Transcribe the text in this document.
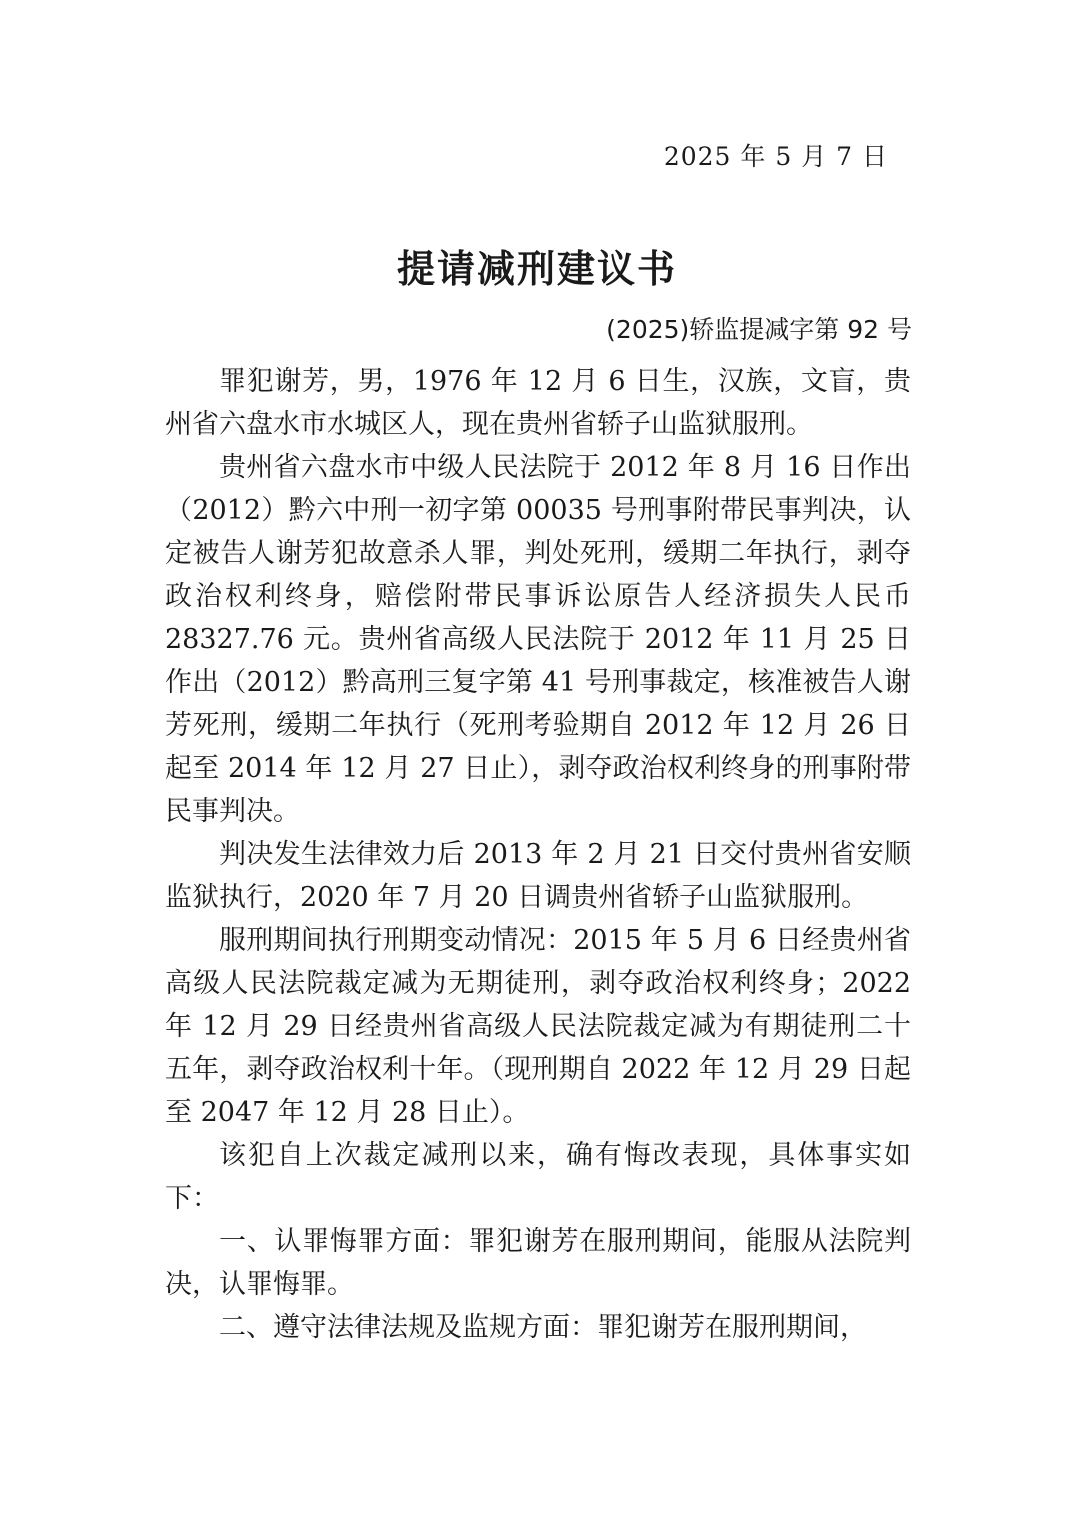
2025 年 5 月 7 日
提请减刑建议书
(2025)轿监提减字第 92 号

罪犯谢芳，男，1976 年 12 月 6 日生，汉族，文盲，贵州省六盘水市水城区人，现在贵州省轿子山监狱服刑。

贵州省六盘水市中级人民法院于 2012 年 8 月 16 日作出（2012）黔六中刑一初字第 00035 号刑事附带民事判决，认定被告人谢芳犯故意杀人罪，判处死刑，缓期二年执行，剥夺政治权利终身，赔偿附带民事诉讼原告人经济损失人民币 28327.76 元。贵州省高级人民法院于 2012 年 11 月 25 日作出（2012）黔高刑三复字第 41 号刑事裁定，核准被告人谢芳死刑，缓期二年执行（死刑考验期自 2012 年 12 月 26 日起至 2014 年 12 月 27 日止），剥夺政治权利终身的刑事附带民事判决。

判决发生法律效力后 2013 年 2 月 21 日交付贵州省安顺监狱执行，2020 年 7 月 20 日调贵州省轿子山监狱服刑。

服刑期间执行刑期变动情况：2015 年 5 月 6 日经贵州省高级人民法院裁定减为无期徒刑，剥夺政治权利终身；2022 年 12 月 29 日经贵州省高级人民法院裁定减为有期徒刑二十五年，剥夺政治权利十年。（现刑期自 2022 年 12 月 29 日起至 2047 年 12 月 28 日止）。

该犯自上次裁定减刑以来，确有悔改表现，具体事实如下：

一、认罪悔罪方面：罪犯谢芳在服刑期间，能服从法院判决，认罪悔罪。

二、遵守法律法规及监规方面：罪犯谢芳在服刑期间，
